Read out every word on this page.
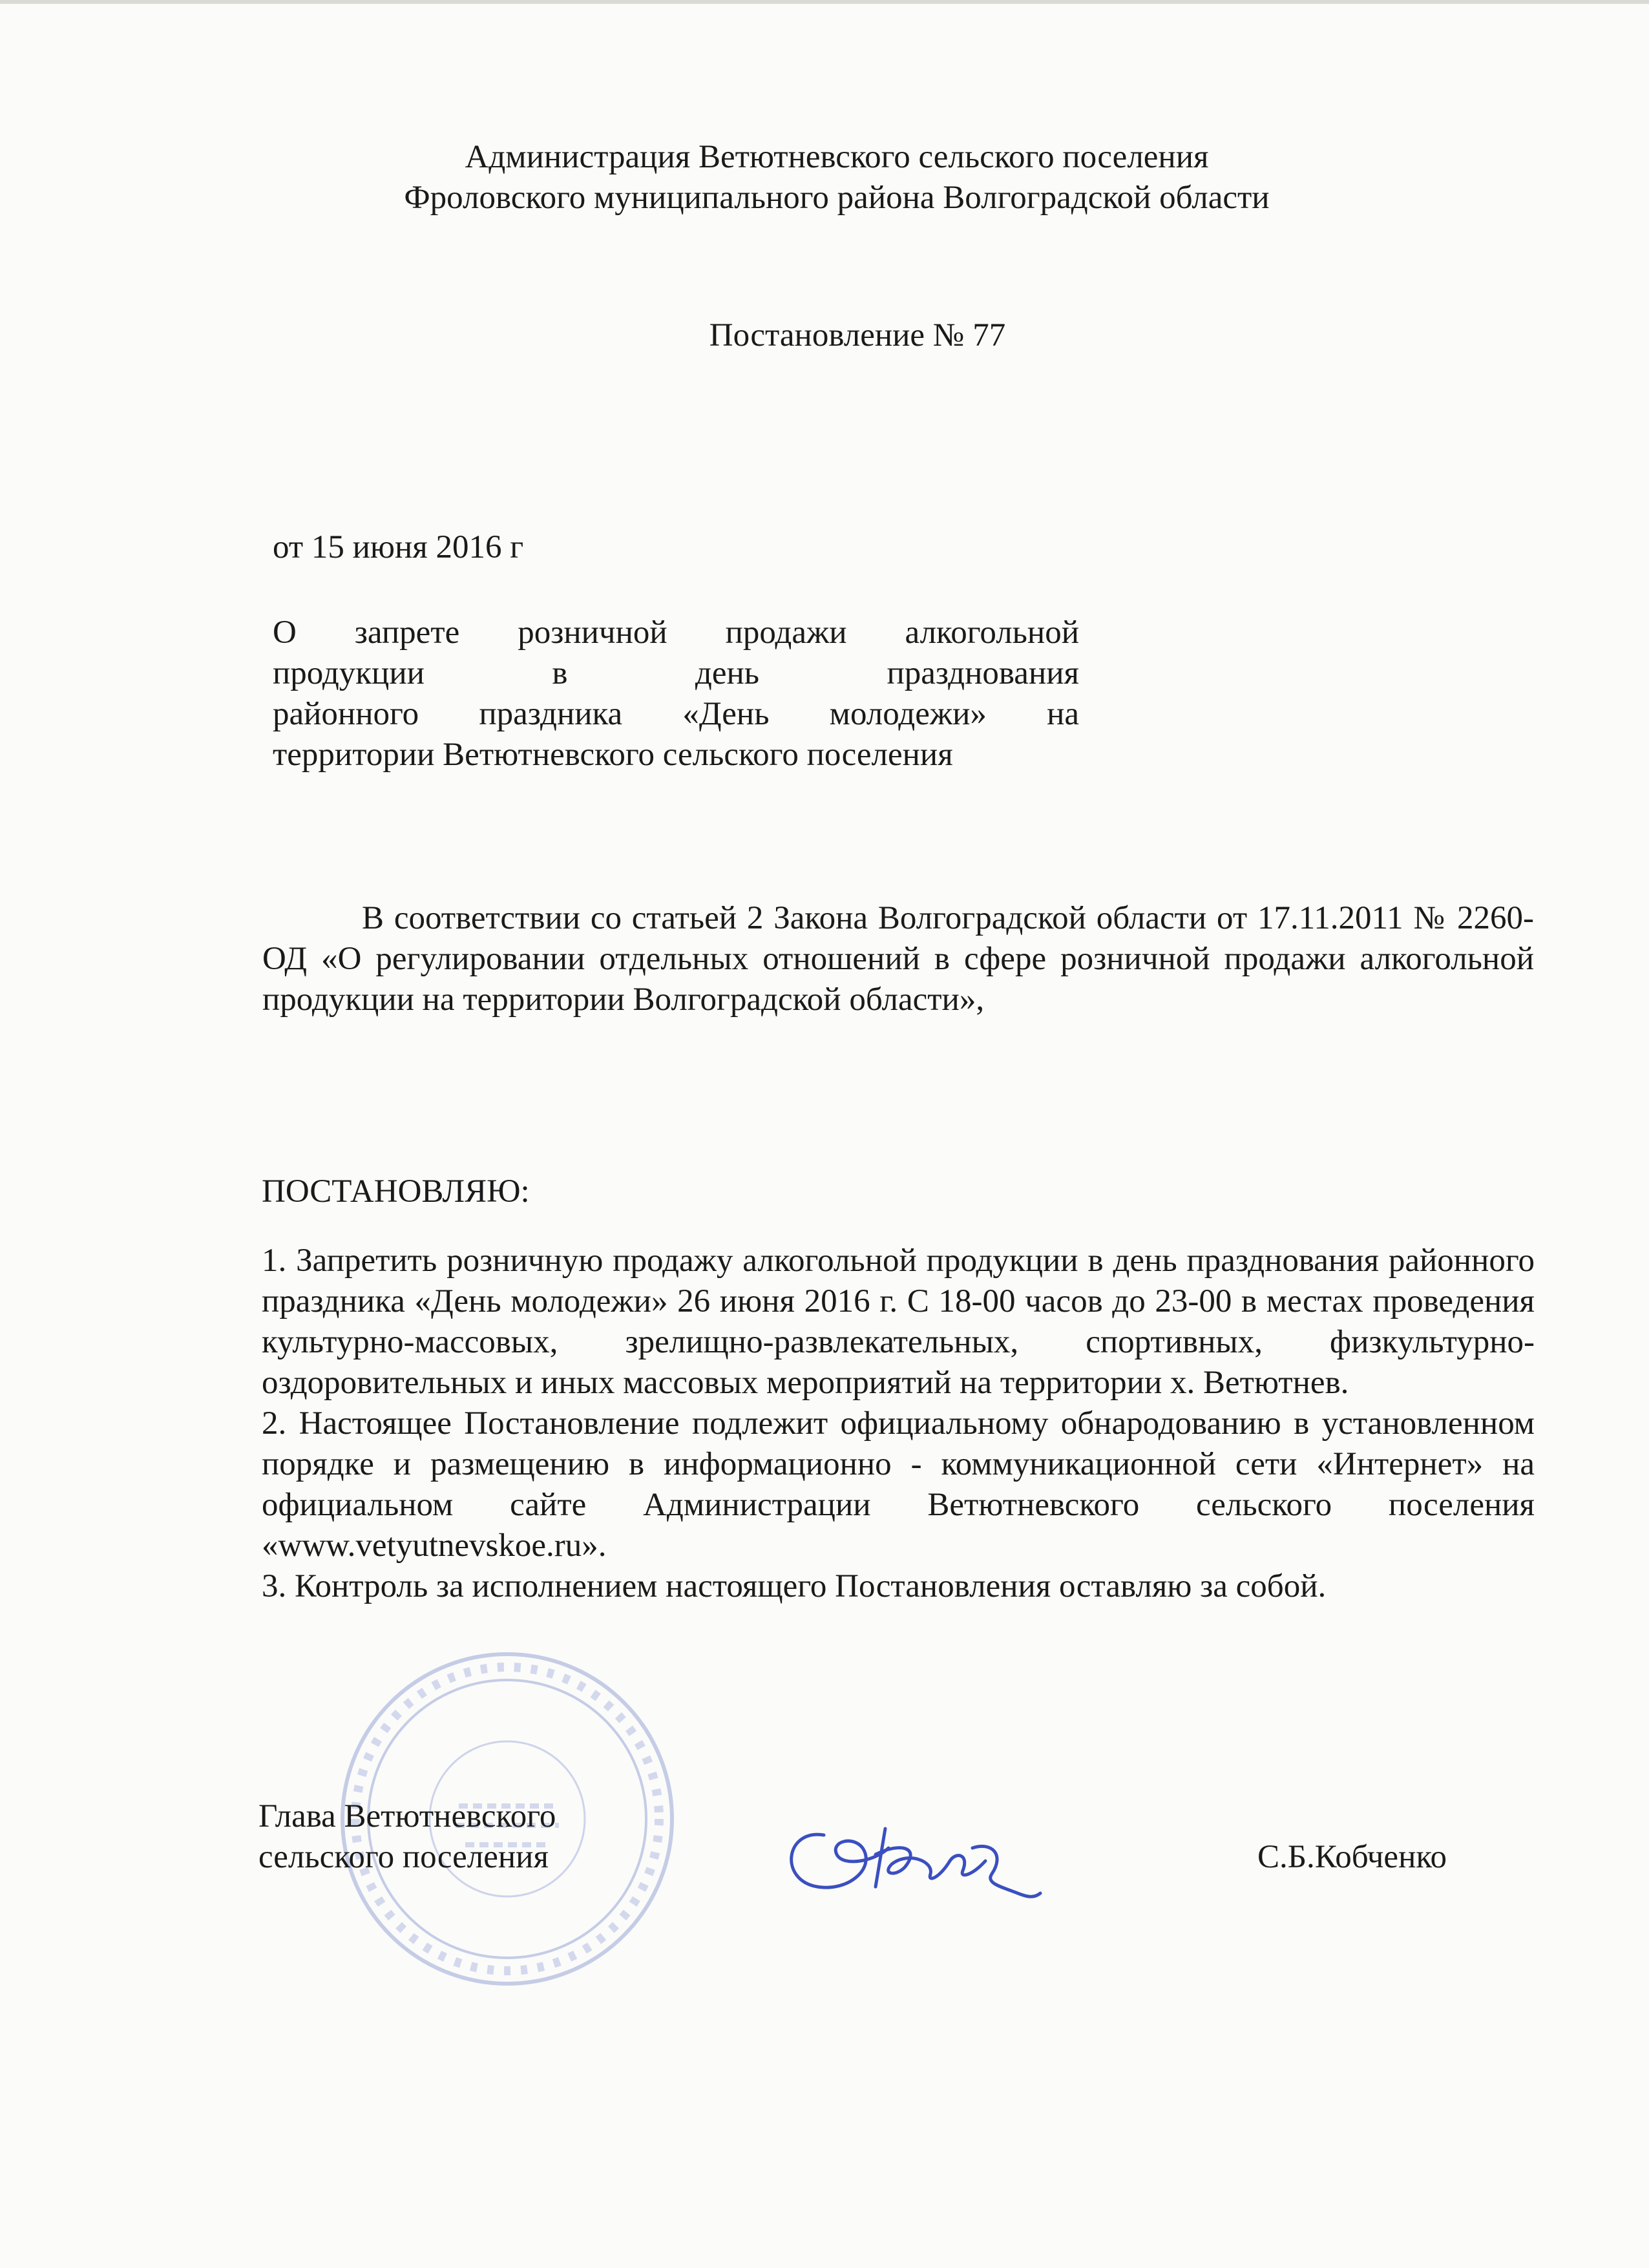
Администрация Ветютневского сельского поселения
Фроловского муниципального района Волгоградской области
Постановление № 77
от 15 июня 2016 г
О запрете розничной продажи алкогольной
продукции в день празднования
районного праздника «День молодежи» на
территории Ветютневского сельского поселения
В соответствии со статьей 2 Закона Волгоградской области от 17.11.2011 № 2260-ОД «О регулировании отдельных отношений в сфере розничной продажи алкогольной продукции на территории Волгоградской области»,
ПОСТАНОВЛЯЮ:
1. Запретить розничную продажу алкогольной продукции в день празднования районного праздника «День молодежи» 26 июня 2016 г. С 18-00 часов до 23-00 в местах проведения культурно-массовых, зрелищно-развлекательных, спортивных, физкультурно-оздоровительных и иных массовых мероприятий на территории х. Ветютнев.
2. Настоящее Постановление подлежит официальному обнародованию в установленном порядке и размещению в информационно - коммуникационной сети «Интернет» на официальном сайте Администрации Ветютневского сельского поселения «www.vetyutnevskoe.ru».
3. Контроль за исполнением настоящего Постановления оставляю за собой.
Глава Ветютневского
сельского поселения	С.Б.Кобченко
